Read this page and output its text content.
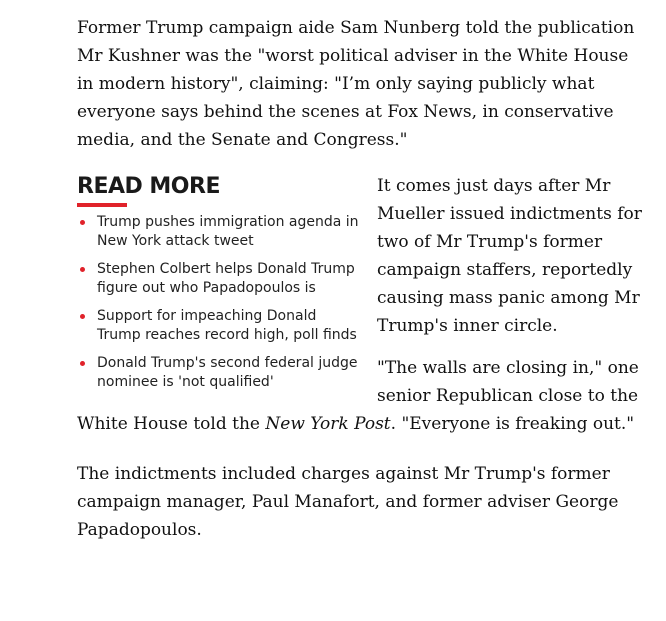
Former Trump campaign aide Sam Nunberg told the publication Mr Kushner was the "worst political adviser in the White House in modern history", claiming: "I’m only saying publicly what everyone says behind the scenes at Fox News, in conservative media, and the Senate and Congress."

READ MORE
Trump pushes immigration agenda in New York attack tweet
Stephen Colbert helps Donald Trump figure out who Papadopoulos is
Support for impeaching Donald Trump reaches record high, poll finds
Donald Trump's second federal judge nominee is 'not qualified'

It comes just days after Mr Mueller issued indictments for two of Mr Trump's former campaign staffers, reportedly causing mass panic among Mr Trump's inner circle.

"The walls are closing in," one senior Republican close to the White House told the New York Post. "Everyone is freaking out."

The indictments included charges against Mr Trump's former campaign manager, Paul Manafort, and former adviser George Papadopoulos.
